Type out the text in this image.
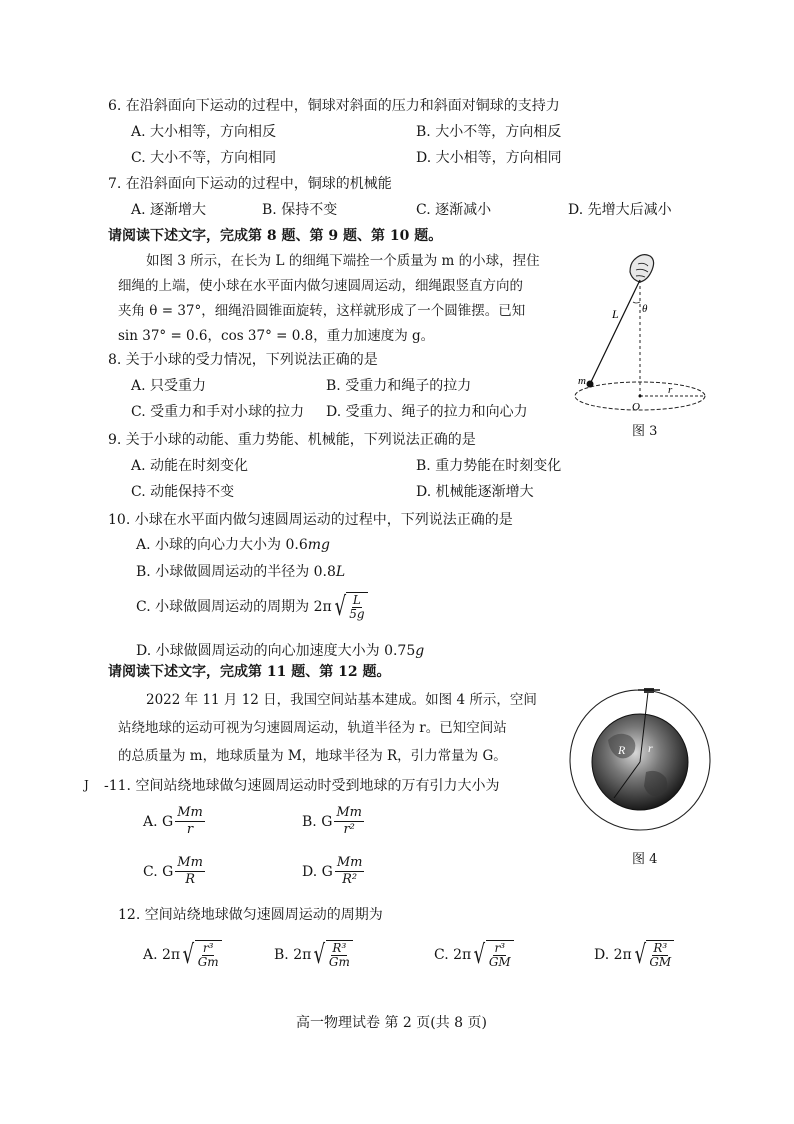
6. 在沿斜面向下运动的过程中，铜球对斜面的压力和斜面对铜球的支持力
A. 大小相等，方向相反	B. 大小不等，方向相反
C. 大小不等，方向相同	D. 大小相等，方向相同
7. 在沿斜面向下运动的过程中，铜球的机械能
A. 逐渐增大	B. 保持不变	C. 逐渐减小	D. 先增大后减小
请阅读下述文字，完成第 8 题、第 9 题、第 10 题。
如图 3 所示，在长为 L 的细绳下端拴一个质量为 m 的小球，捏住
细绳的上端，使小球在水平面内做匀速圆周运动，细绳跟竖直方向的
夹角 θ = 37°，细绳沿圆锥面旋转，这样就形成了一个圆锥摆。已知
sin 37° = 0.6，cos 37° = 0.8，重力加速度为 g。
L θ
m
O
r
图 3
8. 关于小球的受力情况，下列说法正确的是
A. 只受重力	B. 受重力和绳子的拉力
C. 受重力和手对小球的拉力 D. 受重力、绳子的拉力和向心力
9. 关于小球的动能、重力势能、机械能，下列说法正确的是
A. 动能在时刻变化	B. 重力势能在时刻变化
C. 动能保持不变	D. 机械能逐渐增大
10. 小球在水平面内做匀速圆周运动的过程中，下列说法正确的是
A. 小球的向心力大小为 0.6mg
B. 小球做圆周运动的半径为 0.8L
C. 小球做圆周运动的周期为 2π √ $\frac{L}{5g}$
D. 小球做圆周运动的向心加速度大小为 0.75g
请阅读下述文字，完成第 11 题、第 12 题。
2022 年 11 月 12 日，我国空间站基本建成。如图 4 所示，空间
站绕地球的运动可视为匀速圆周运动，轨道半径为 r。已知空间站
的总质量为 m，地球质量为 M，地球半径为 R，引力常量为 G。
J -11. 空间站绕地球做匀速圆周运动时受到地球的万有引力大小为
A. G $\frac{Mm}{r}$	B. G $\frac{Mm}{\text{r²}}$
C. G $\frac{Mm}{R}$	D. G $\frac{Mm}{\text{R²}}$
R r
图 4
12. 空间站绕地球做匀速圆周运动的周期为
A. 2π √ $\frac{\text{r³}}{Gm}$	B. 2π √ $\frac{\text{R³}}{Gm}$	C. 2π √ $\frac{\text{r³}}{GM}$	D. 2π √ $\frac{\text{R³}}{GM}$
高一物理试卷 第 2 页(共 8 页)
